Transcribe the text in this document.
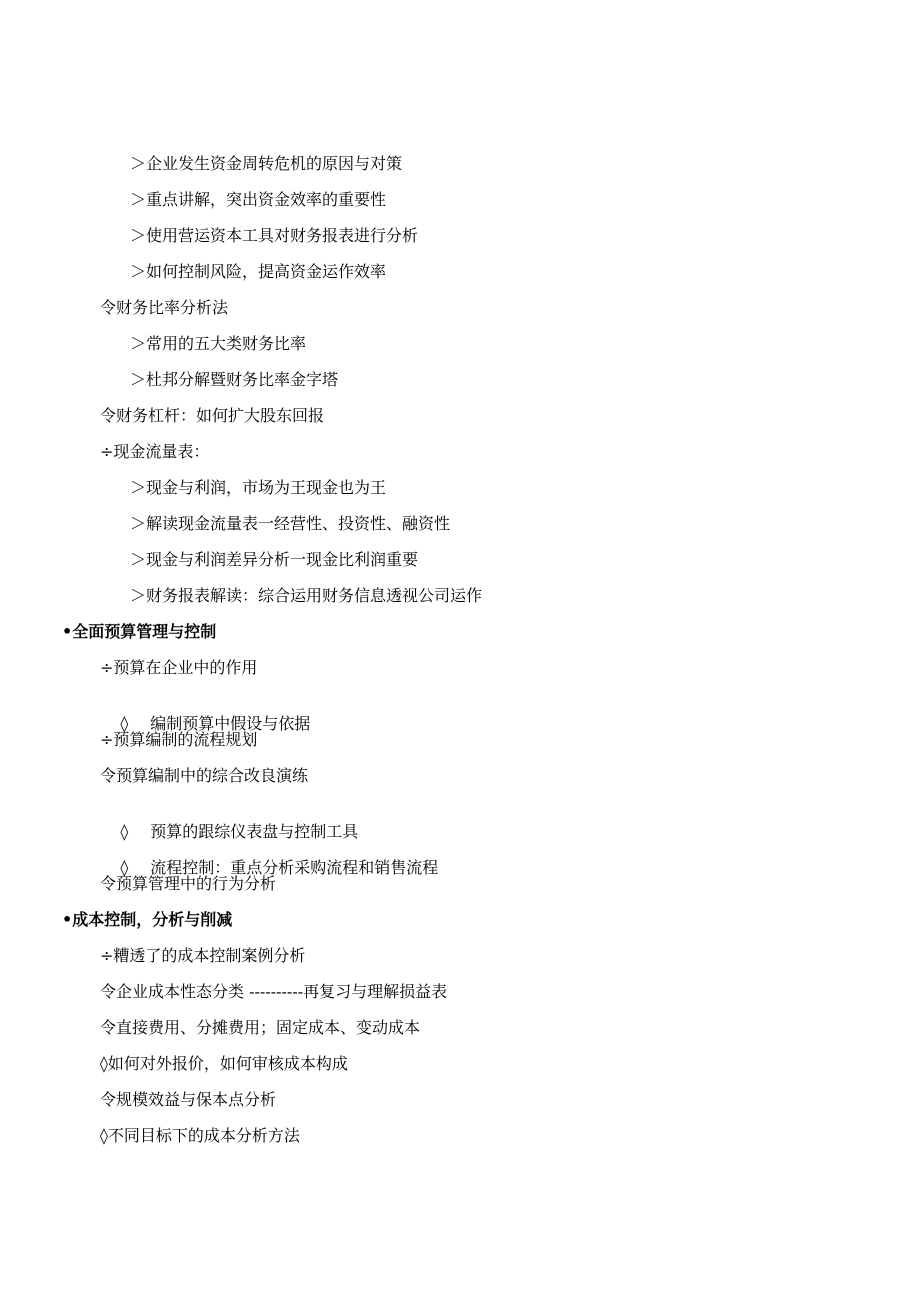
＞企业发生资金周转危机的原因与对策
＞重点讲解，突出资金效率的重要性
＞使用营运资本工具对财务报表进行分析
＞如何控制风险，提高资金运作效率
令财务比率分析法
＞常用的五大类财务比率
＞杜邦分解暨财务比率金字塔
令财务杠杆：如何扩大股东回报
÷现金流量表：
＞现金与利润，市场为王现金也为王
＞解读现金流量表一经营性、投资性、融资性
＞现金与利润差异分析一现金比利润重要
＞财务报表解读：综合运用财务信息透视公司运作
•全面预算管理与控制
÷预算在企业中的作用

◊ 编制预算中假设与依据

÷预算编制的流程规划
令预算编制中的综合改良演练

◊ 预算的跟综仪表盘与控制工具

◊ 流程控制：重点分析采购流程和销售流程

令预算管理中的行为分析
•成本控制，分析与削减
÷糟透了的成本控制案例分析
令企业成本性态分类 ----------再复习与理解损益表
令直接费用、分摊费用；固定成本、变动成本
◊如何对外报价，如何审核成本构成
令规模效益与保本点分析
◊不同目标下的成本分析方法
